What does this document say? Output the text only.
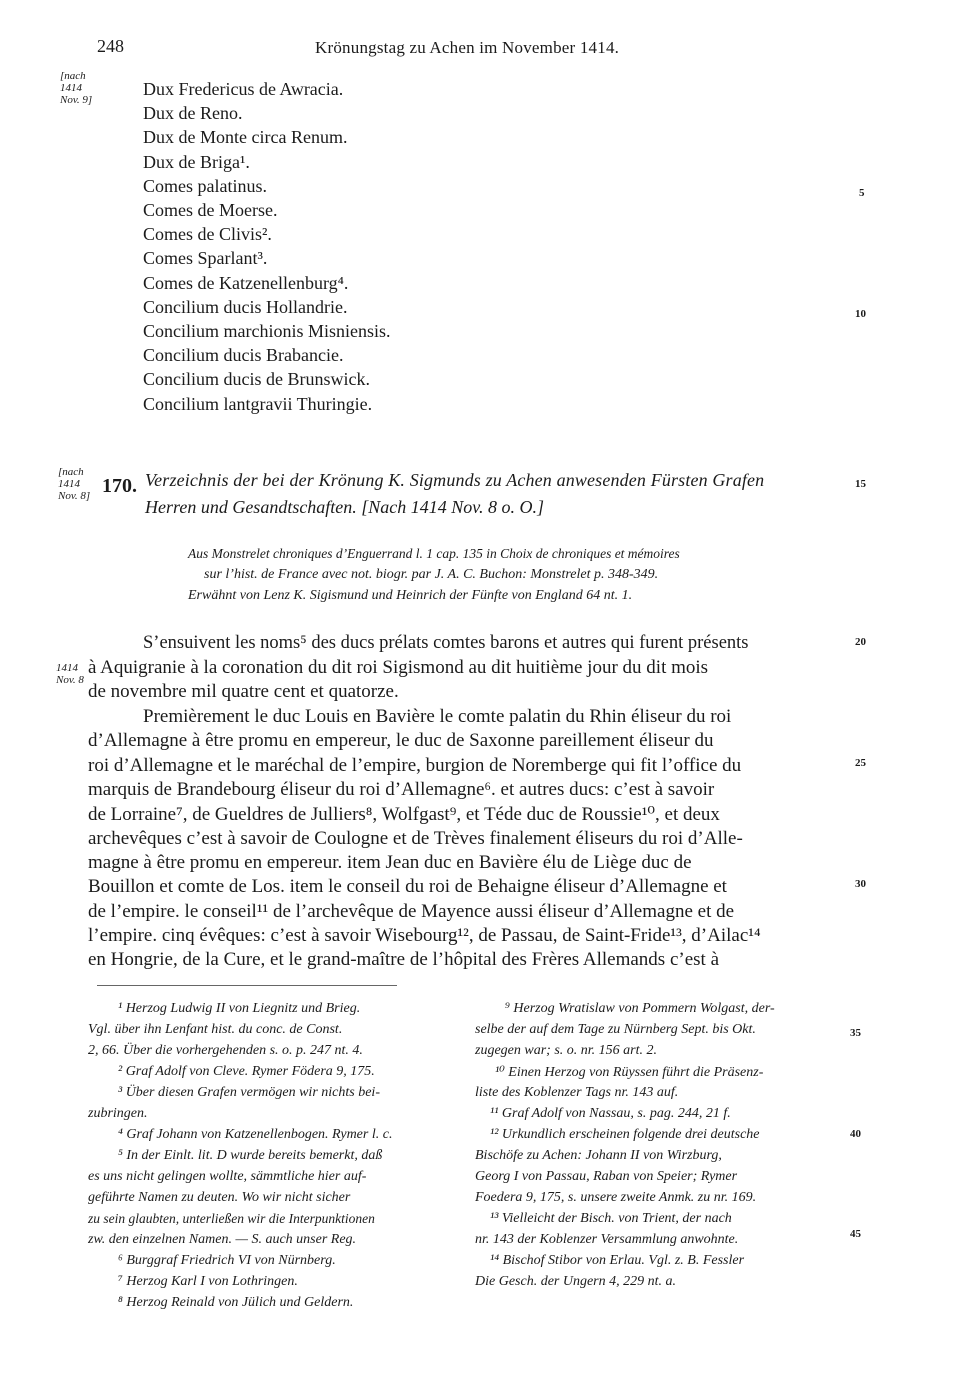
248	Krönungstag zu Achen im November 1414.
[nach
1414
Nov. 9]
[nach
1414
Nov. 8]
1414
Nov. 8
5
10
15
20
25
30
35
40
45
Dux Fredericus de Awracia.
Dux de Reno.
Dux de Monte circa Renum.
Dux de Briga¹.
Comes palatinus.
Comes de Moerse.
Comes de Clivis².
Comes Sparlant³.
Comes de Katzenellenburg⁴.
Concilium ducis Hollandrie.
Concilium marchionis Misniensis.
Concilium ducis Brabancie.
Concilium ducis de Brunswick.
Concilium lantgravii Thuringie.
170. Verzeichnis der bei der Krönung K. Sigmunds zu Achen anwesenden Fürsten Grafen
Herren und Gesandtschaften. [Nach 1414 Nov. 8 o. O.]
Aus Monstrelet chroniques d’Enguerrand l. 1 cap. 135 in Choix de chroniques et mémoires
sur l’hist. de France avec not. biogr. par J. A. C. Buchon: Monstrelet p. 348-349.
Erwähnt von Lenz K. Sigismund und Heinrich der Fünfte von England 64 nt. 1.
S’ensuivent les noms⁵ des ducs prélats comtes barons et autres qui furent présents
à Aquigranie à la coronation du dit roi Sigismond au dit huitième jour du dit mois
de novembre mil quatre cent et quatorze.
Premièrement le duc Louis en Bavière le comte palatin du Rhin éliseur du roi
d’Allemagne à être promu en empereur, le duc de Saxonne pareillement éliseur du
roi d’Allemagne et le maréchal de l’empire, burgion de Noremberge qui fit l’office du
marquis de Brandebourg éliseur du roi d’Allemagne⁶. et autres ducs: c’est à savoir
de Lorraine⁷, de Gueldres de Julliers⁸, Wolfgast⁹, et Téde duc de Roussie¹⁰, et deux
archevêques c’est à savoir de Coulogne et de Trèves finalement éliseurs du roi d’Alle-
magne à être promu en empereur. item Jean duc en Bavière élu de Liège duc de
Bouillon et comte de Los. item le conseil du roi de Behaigne éliseur d’Allemagne et
de l’empire. le conseil¹¹ de l’archevêque de Mayence aussi éliseur d’Allemagne et de
l’empire. cinq évêques: c’est à savoir Wisebourg¹², de Passau, de Saint-Fride¹³, d’Ailac¹⁴
en Hongrie, de la Cure, et le grand-maître de l’hôpital des Frères Allemands c’est à
¹ Herzog Ludwig II von Liegnitz und Brieg.
Vgl. über ihn Lenfant hist. du conc. de Const.
2, 66. Über die vorhergehenden s. o. p. 247 nt. 4.
² Graf Adolf von Cleve. Rymer Födera 9, 175.
³ Über diesen Grafen vermögen wir nichts bei-
zubringen.
⁴ Graf Johann von Katzenellenbogen. Rymer l. c.
⁵ In der Einlt. lit. D wurde bereits bemerkt, daß
es uns nicht gelingen wollte, sämmtliche hier auf-
geführte Namen zu deuten. Wo wir nicht sicher
zu sein glaubten, unterließen wir die Interpunktionen
zw. den einzelnen Namen. — S. auch unser Reg.
⁶ Burggraf Friedrich VI von Nürnberg.
⁷ Herzog Karl I von Lothringen.
⁸ Herzog Reinald von Jülich und Geldern.
⁹ Herzog Wratislaw von Pommern Wolgast, der-
selbe der auf dem Tage zu Nürnberg Sept. bis Okt.
zugegen war; s. o. nr. 156 art. 2.
¹⁰ Einen Herzog von Rüyssen führt die Präsenz-
liste des Koblenzer Tags nr. 143 auf.
¹¹ Graf Adolf von Nassau, s. pag. 244, 21 f.
¹² Urkundlich erscheinen folgende drei deutsche
Bischöfe zu Achen: Johann II von Wirzburg,
Georg I von Passau, Raban von Speier; Rymer
Foedera 9, 175, s. unsere zweite Anmk. zu nr. 169.
¹³ Vielleicht der Bisch. von Trient, der nach
nr. 143 der Koblenzer Versammlung anwohnte.
¹⁴ Bischof Stibor von Erlau. Vgl. z. B. Fessler
Die Gesch. der Ungern 4, 229 nt. a.
